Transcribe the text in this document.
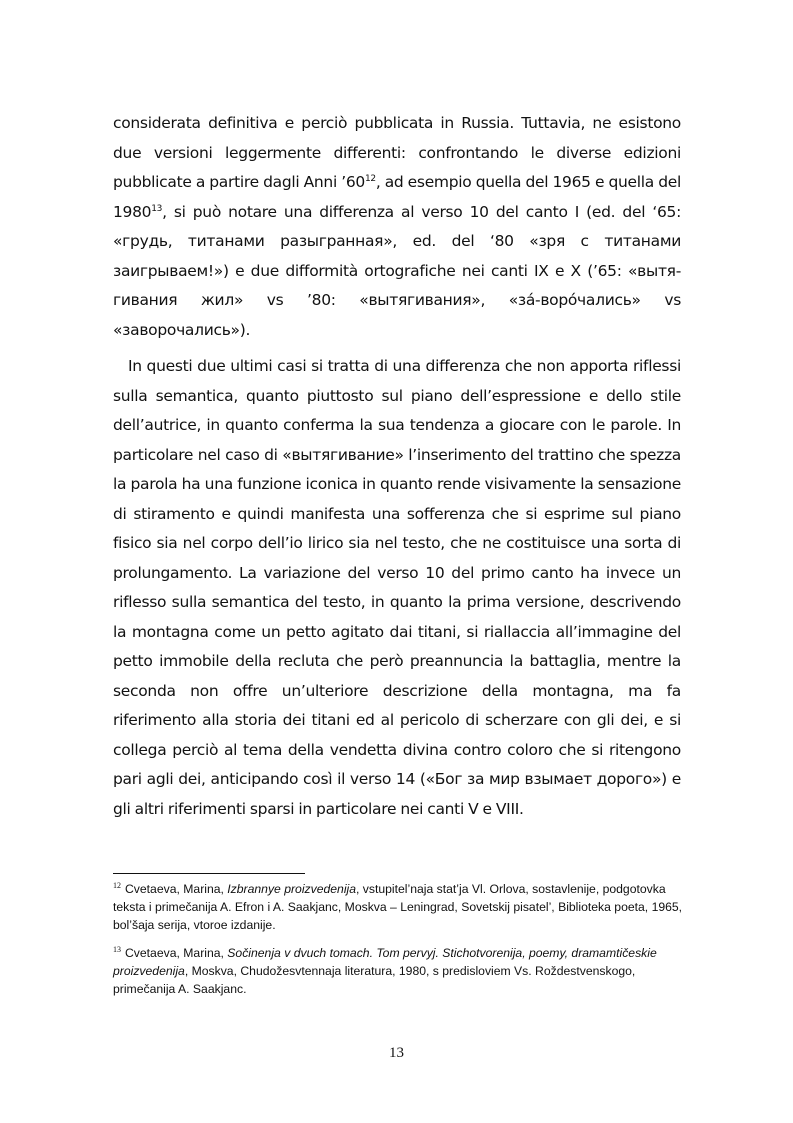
considerata definitiva e perciò pubblicata in Russia. Tuttavia, ne esistono due versioni leggermente differenti: confrontando le diverse edizioni pubblicate a partire dagli Anni $’60^{12}$, ad esempio quella del 1965 e quella del 1980$^{13}$, si può notare una differenza al verso 10 del canto I (ed. del ‘65: «грудь, титанами разыгранная», ed. del ‘80 «зря с титанами заигрываем!») e due difformità ortografiche nei canti IX e X (’65: «вытя-гивания жил» vs ’80: «вытягивания», «зá-ворóчались» vs «заворочались»).

In questi due ultimi casi si tratta di una differenza che non apporta riflessi sulla semantica, quanto piuttosto sul piano dell’espressione e dello stile dell’autrice, in quanto conferma la sua tendenza a giocare con le parole. In particolare nel caso di «вытягивание» l’inserimento del trattino che spezza la parola ha una funzione iconica in quanto rende visivamente la sensazione di stiramento e quindi manifesta una sofferenza che si esprime sul piano fisico sia nel corpo dell’io lirico sia nel testo, che ne costituisce una sorta di prolungamento. La variazione del verso 10 del primo canto ha invece un riflesso sulla semantica del testo, in quanto la prima versione, descrivendo la montagna come un petto agitato dai titani, si riallaccia all’immagine del petto immobile della recluta che però preannuncia la battaglia, mentre la seconda non offre un’ulteriore descrizione della montagna, ma fa riferimento alla storia dei titani ed al pericolo di scherzare con gli dei, e si collega perciò al tema della vendetta divina contro coloro che si ritengono pari agli dei, anticipando così il verso 14 («Бог за мир взымает дорого») e gli altri riferimenti sparsi in particolare nei canti V e VIII.

$^{12}$ Cvetaeva, Marina, Izbrannye proizvedenija, vstupitel’naja stat’ja Vl. Orlova, sostavlenije, podgotovka teksta i primečanija A. Efron i A. Saakjanc, Moskva – Leningrad, Sovetskij pisatel’, Biblioteka poeta, 1965, bol’šaja serija, vtoroe izdanije.

$^{13}$ Cvetaeva, Marina, Sočinenja v dvuch tomach. Tom pervyj. Stichotvorenija, poemy, dramamtičeskie proizvedenija, Moskva, Chudožesvtennaja literatura, 1980, s predisloviem Vs. Roždestvenskogo, primečanija A. Saakjanc.

13
